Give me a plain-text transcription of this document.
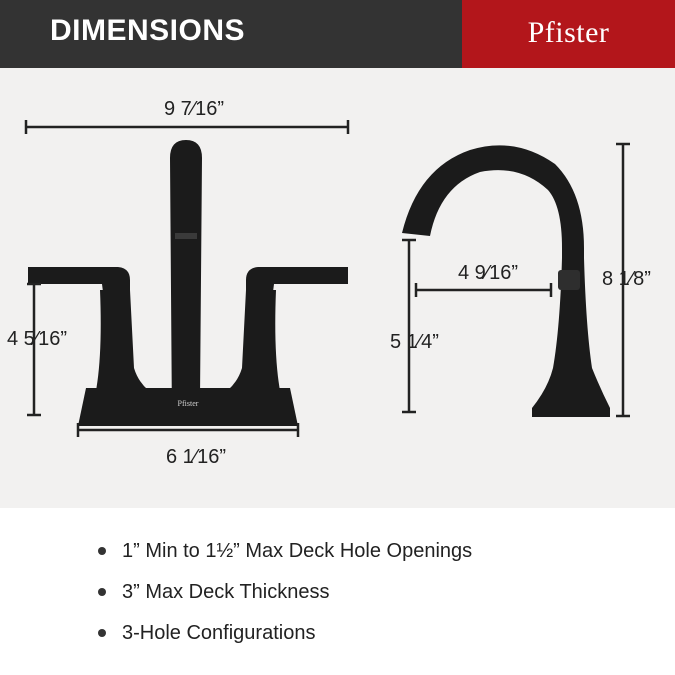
DIMENSIONS	Pfister
Pfister
9 7⁄16”
6 1⁄16”
4 5⁄16”
4 9⁄16”
5 1⁄4”
8 1⁄8”
1” Min to 1½” Max Deck Hole Openings
3” Max Deck Thickness
3-Hole Configurations
